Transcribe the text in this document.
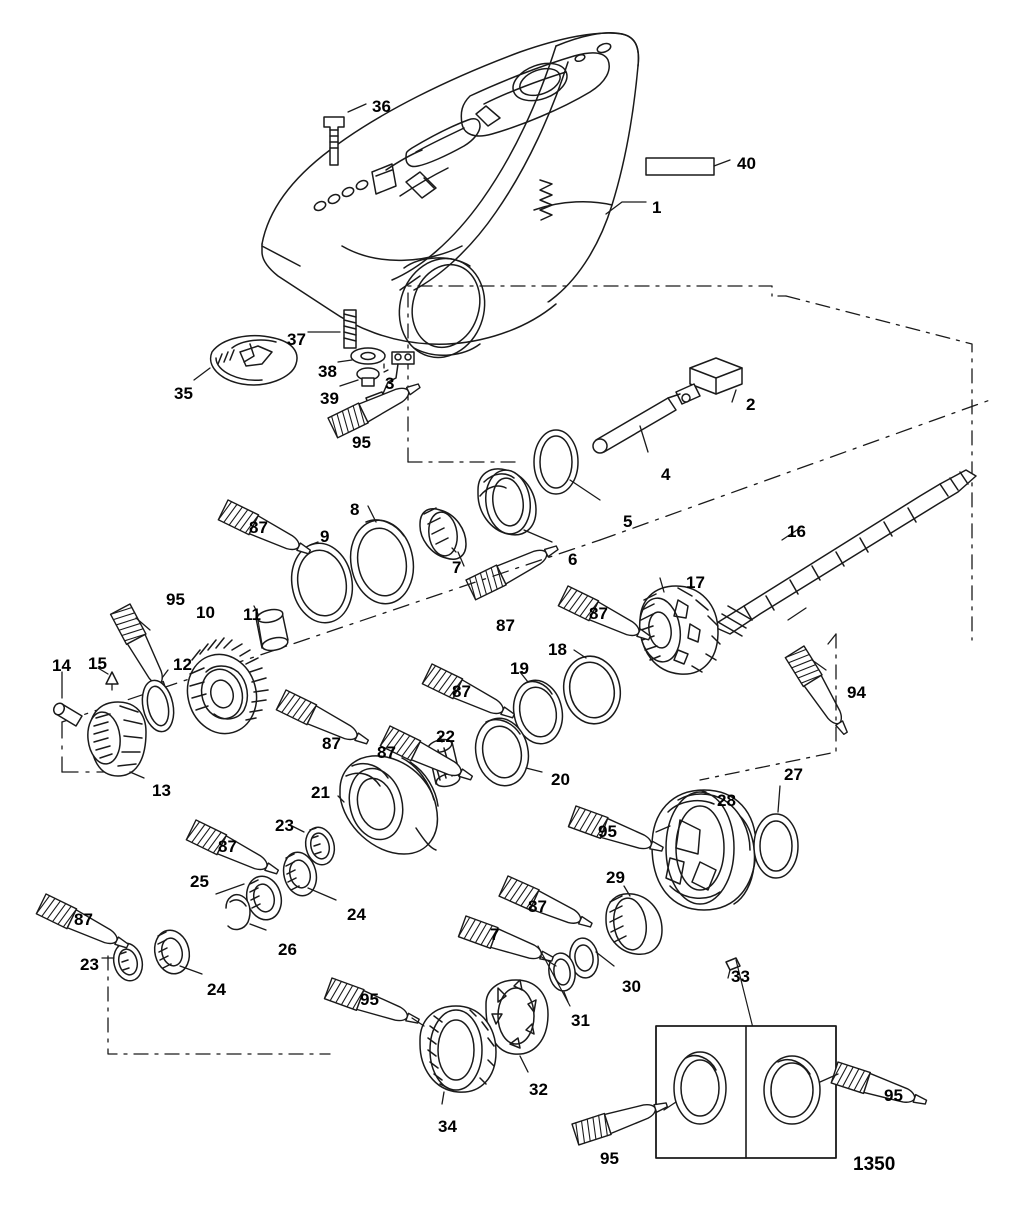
36
40
1
37
38
35	39
3
2
4
95
5
6
87	9
8
7
87
16
95
10 11
12
14 15
13
87
17
87
18
19
87	94
22
87
20
21
27
28
95
23
87
25
24
26
29
87
87
7
33
30
23
24
31
95
32	95
34
95	1350
